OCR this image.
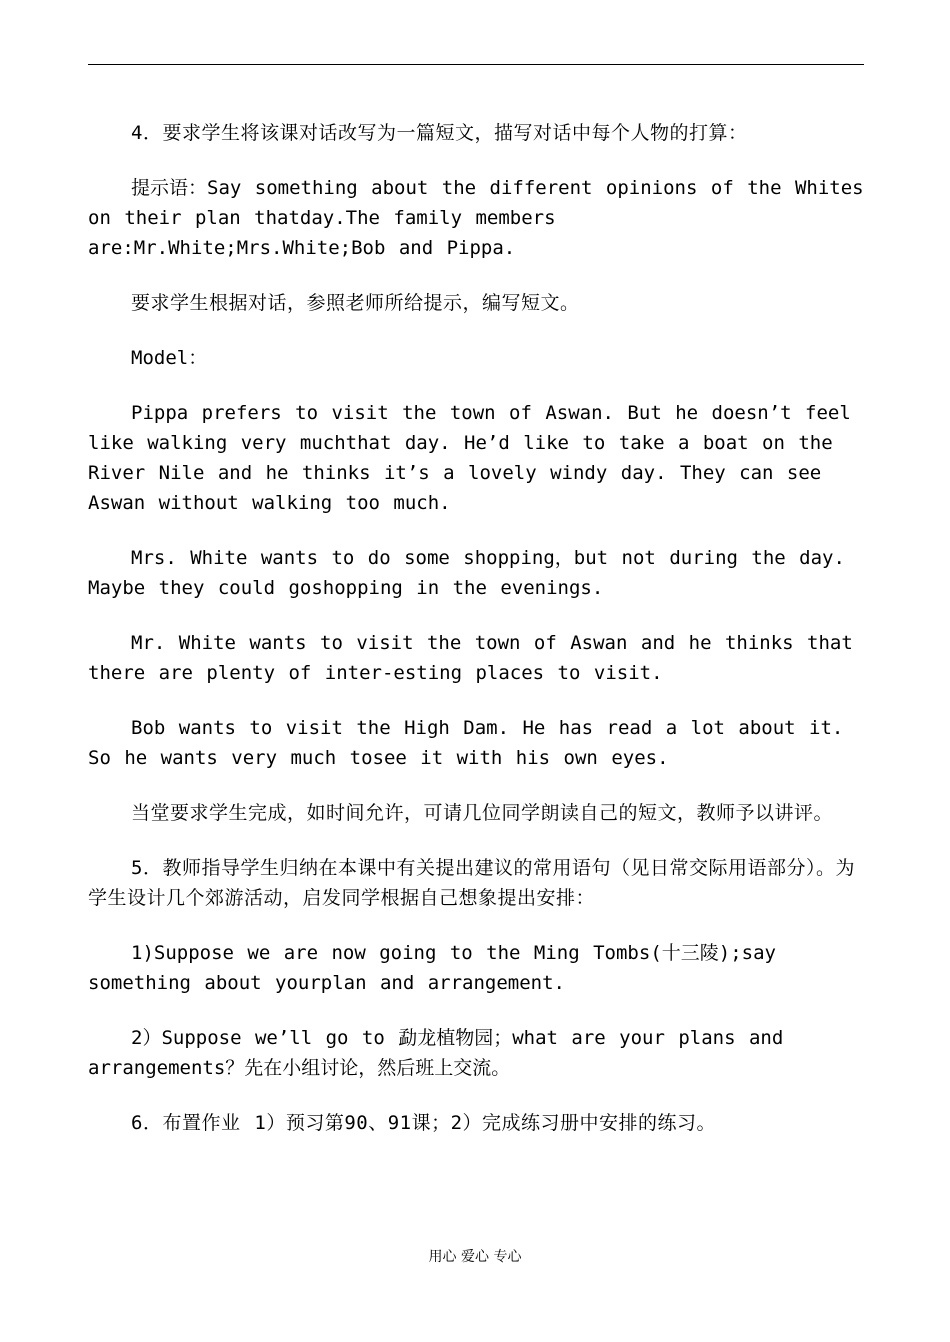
4．要求学生将该课对话改写为一篇短文，描写对话中每个人物的打算：

提示语：Say something about the different opinions of the Whites on their plan thatday.The family members are:Mr.White;Mrs.White;Bob and Pippa.

要求学生根据对话，参照老师所给提示，编写短文。

Model：

Pippa prefers to visit the town of Aswan. But he doesn’t feel like walking very muchthat day. He’d like to take a boat on the River Nile and he thinks it’s a lovely windy day. They can see Aswan without walking too much.

Mrs. White wants to do some shopping，but not during the day. Maybe they could goshopping in the evenings.

Mr. White wants to visit the town of Aswan and he thinks that there are plenty of inter-esting places to visit.

Bob wants to visit the High Dam. He has read a lot about it. So he wants very much tosee it with his own eyes.

当堂要求学生完成，如时间允许，可请几位同学朗读自己的短文，教师予以讲评。

5．教师指导学生归纳在本课中有关提出建议的常用语句（见日常交际用语部分）。为学生设计几个郊游活动，启发同学根据自己想象提出安排：

1)Suppose we are now going to the Ming Tombs(十三陵);say something about yourplan and arrangement.

2）Suppose we’ll go to 勐龙植物园；what are your plans and arrangements？先在小组讨论，然后班上交流。

6．布置作业 1）预习第90、91课；2）完成练习册中安排的练习。

用心 爱心 专心
